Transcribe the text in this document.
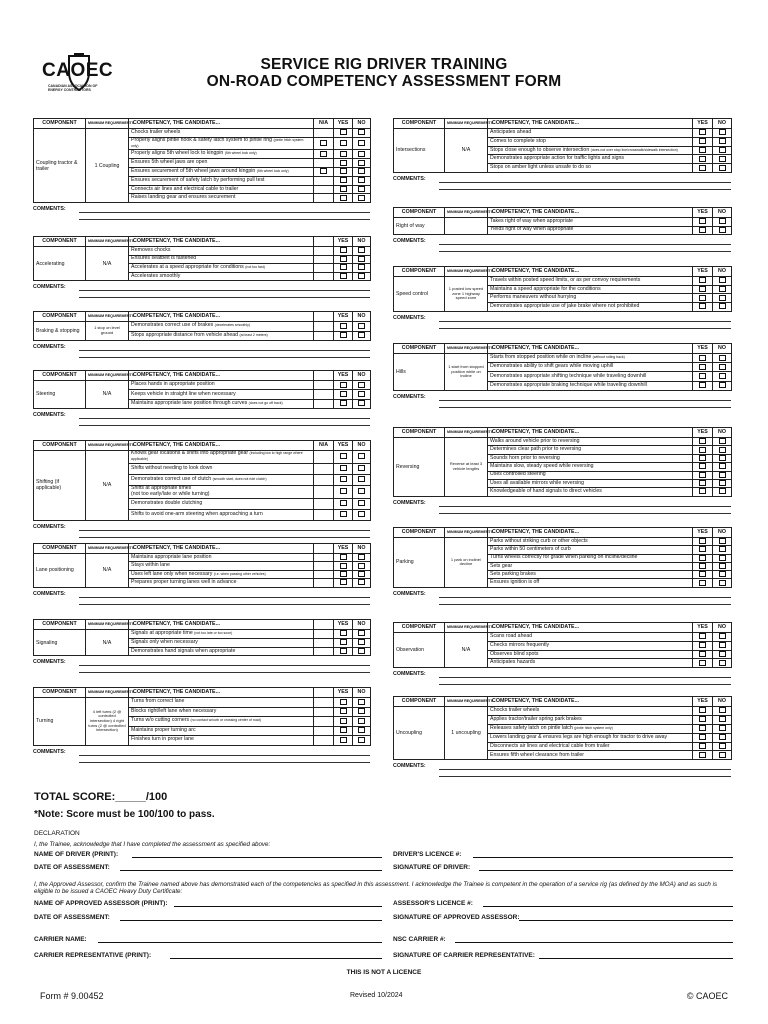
CAOEC
CANADIAN ASSOCIATION OF ENERGY CONTRACTORS
SERVICE RIG DRIVER TRAINING
ON-ROAD COMPETENCY ASSESSMENT FORM
COMPONENT	MINIMUM REQUIREMENTS	COMPETENCY, THE CANDIDATE...	N/A	YES	NO
Coupling tractor & trailer	1 Coupling	Chocks trailer wheels			
		Properly aligns pintle hook & safety latch system to pintle ring (pintle hitch system only)			
		Properly aligns 5th wheel lock to kingpin (5th wheel lock only)			
		Ensures 5th wheel jaws are open			
		Ensures securement of 5th wheel jaws around kingpin (5th wheel lock only)			
		Ensures securement of safety latch by performing pull test			
		Connects air lines and electrical cable to trailer			
		Raises landing gear and ensures securement			
COMMENTS:
COMPONENT	MINIMUM REQUIREMENTS	COMPETENCY, THE CANDIDATE...		YES	NO
Accelerating	N/A	Removes chocks			
		Ensures seatbelt is fastened			
		Accelerates at a speed appropriate for conditions (not too fast)			
		Accelerates smoothly			
COMMENTS:
COMPONENT	MINIMUM REQUIREMENTS	COMPETENCY, THE CANDIDATE...		YES	NO
Braking & stopping	1 stop on level ground	Demonstrates correct use of brakes (decelerates smoothly)			
		Stops appropriate distance from vehicle ahead (at least 2 meters)			
COMMENTS:
COMPONENT	MINIMUM REQUIREMENTS	COMPETENCY, THE CANDIDATE...		YES	NO
Steering	N/A	Places hands in appropriate position			
		Keeps vehicle in straight line when necessary			
		Maintains appropriate lane position through curves (does not go off track)			
COMMENTS:
COMPONENT	MINIMUM REQUIREMENTS	COMPETENCY, THE CANDIDATE...	N/A	YES	NO
Shifting (if applicable)	N/A	Knows gear locations & shifts into appropriate gear (including low to high range where applicable)			
		Shifts without needing to look down			
		Demonstrates correct use of clutch (smooth start, does not ride clutch)			
		Shifts at appropriate times
(not too early/late or while turning)			
		Demonstrates double clutching			
		Shifts to avoid one-arm steering when approaching a turn			
COMMENTS:
COMPONENT	MINIMUM REQUIREMENTS	COMPETENCY, THE CANDIDATE...		YES	NO
Lane positioning	N/A	Maintains appropriate lane position			
		Stays within lane			
		Uses left lane only when necessary (i.e. when passing other vehicles)			
		Prepares proper turning lanes well in advance			
COMMENTS:
COMPONENT	MINIMUM REQUIREMENTS	COMPETENCY, THE CANDIDATE...		YES	NO
Signaling	N/A	Signals at appropriate time (not too late or too soon)			
		Signals only when necessary			
		Demonstrates hand signals when appropriate			
COMMENTS:
COMPONENT	MINIMUM REQUIREMENTS	COMPETENCY, THE CANDIDATE...		YES	NO
Turning	4 left turns (2 @ controlled intersection) 4 right turns (2 @ controlled intersection)	Turns from correct lane			
		Blocks right/left lane when necessary			
		Turns w/o cutting corners (no contact w/curb or crossing center of road)			
		Maintains proper turning arc			
		Finishes turn in proper lane			
COMMENTS:
COMPONENT	MINIMUM REQUIREMENTS	COMPETENCY, THE CANDIDATE...	YES	NO
Intersections	N/A	Anticipates ahead		
		Comes to complete stop		
		Stops close enough to observe intersection (does not over stop line/crosswalk/sidewalk intersection)		
		Demonstrates appropriate action for traffic lights and signs		
		Stops on amber light unless unsafe to do so		
COMMENTS:
COMPONENT	MINIMUM REQUIREMENTS	COMPETENCY, THE CANDIDATE...	YES	NO
Right of way		Takes right of way when appropriate		
		Yields right of way when appropriate		
COMMENTS:
COMPONENT	MINIMUM REQUIREMENTS	COMPETENCY, THE CANDIDATE...	YES	NO
Speed control	1 posted low speed zone 1 highway speed zone	Travels within posted speed limits, or as per convoy requirements		
		Maintains a speed appropriate for the conditions		
		Performs maneuvers without hurrying		
		Demonstrates appropriate use of jake brake where not prohibited		
COMMENTS:
COMPONENT	MINIMUM REQUIREMENTS	COMPETENCY, THE CANDIDATE...	YES	NO
Hills	1 start from stopped position while on incline	Starts from stopped position while on incline (without rolling back)		
		Demonstrates ability to shift gears while moving uphill		
		Demonstrates appropriate shifting technique while traveling downhill		
		Demonstrates appropriate braking technique while traveling downhill		
COMMENTS:
COMPONENT	MINIMUM REQUIREMENTS	COMPETENCY, THE CANDIDATE...	YES	NO
Reversing	Reverse at least 3 vehicle lengths	Walks around vehicle prior to reversing		
		Determines clear path prior to reversing		
		Sounds horn prior to reversing		
		Maintains slow, steady speed while reversing		
		Uses controlled steering		
		Uses all available mirrors while reversing		
		Knowledgeable of hand signals to direct vehicles		
COMMENTS:
COMPONENT	MINIMUM REQUIREMENTS	COMPETENCY, THE CANDIDATE...	YES	NO
Parking	1 park on incline/ decline	Parks without striking curb or other objects		
		Parks within 50 centimeters of curb		
		Turns wheels correctly for grade when parking on incline/decline		
		Sets gear		
		Sets parking brakes		
		Ensures ignition is off		
COMMENTS:
COMPONENT	MINIMUM REQUIREMENTS	COMPETENCY, THE CANDIDATE...	YES	NO
Observation	N/A	Scans road ahead		
		Checks mirrors frequently		
		Observes blind spots		
		Anticipates hazards		
COMMENTS:
COMPONENT	MINIMUM REQUIREMENTS	COMPETENCY, THE CANDIDATE...	YES	NO
Uncoupling	1 uncoupling	Chocks trailer wheels		
		Applies tractor/trailer spring park brakes		
		Releases safety latch on pintle latch (pintle hitch system only)		
		Lowers landing gear & ensures legs are high enough for tractor to drive away		
		Disconnects air lines and electrical cable from trailer		
		Ensures fifth wheel clearance from trailer		
COMMENTS:
TOTAL SCORE:_____/100
*Note: Score must be 100/100 to pass.
DECLARATION
I, the Trainee, acknowledge that I have completed the assessment as specified above:
NAME OF DRIVER (PRINT):	DRIVER'S LICENCE #:
DATE OF ASSESSMENT:	SIGNATURE OF DRIVER:
I, the Approved Assessor, confirm the Trainee named above has demonstrated each of the competencies as specified in this assessment. I acknowledge the Trainee is competent in the operation of a service rig (as defined by the MOA) and as such is eligible to be issued a CAOEC Heavy Duty Certificate:
NAME OF APPROVED ASSESSOR (PRINT):	ASSESSOR'S LICENCE #:
DATE OF ASSESSMENT:	SIGNATURE OF APPROVED ASSESSOR:
CARRIER NAME:	NSC CARRIER #:
CARRIER REPRESENTATIVE (PRINT):	SIGNATURE OF CARRIER REPRESENTATIVE:
THIS IS NOT A LICENCE
Form # 9.00452	Revised 10/2024	© CAOEC
